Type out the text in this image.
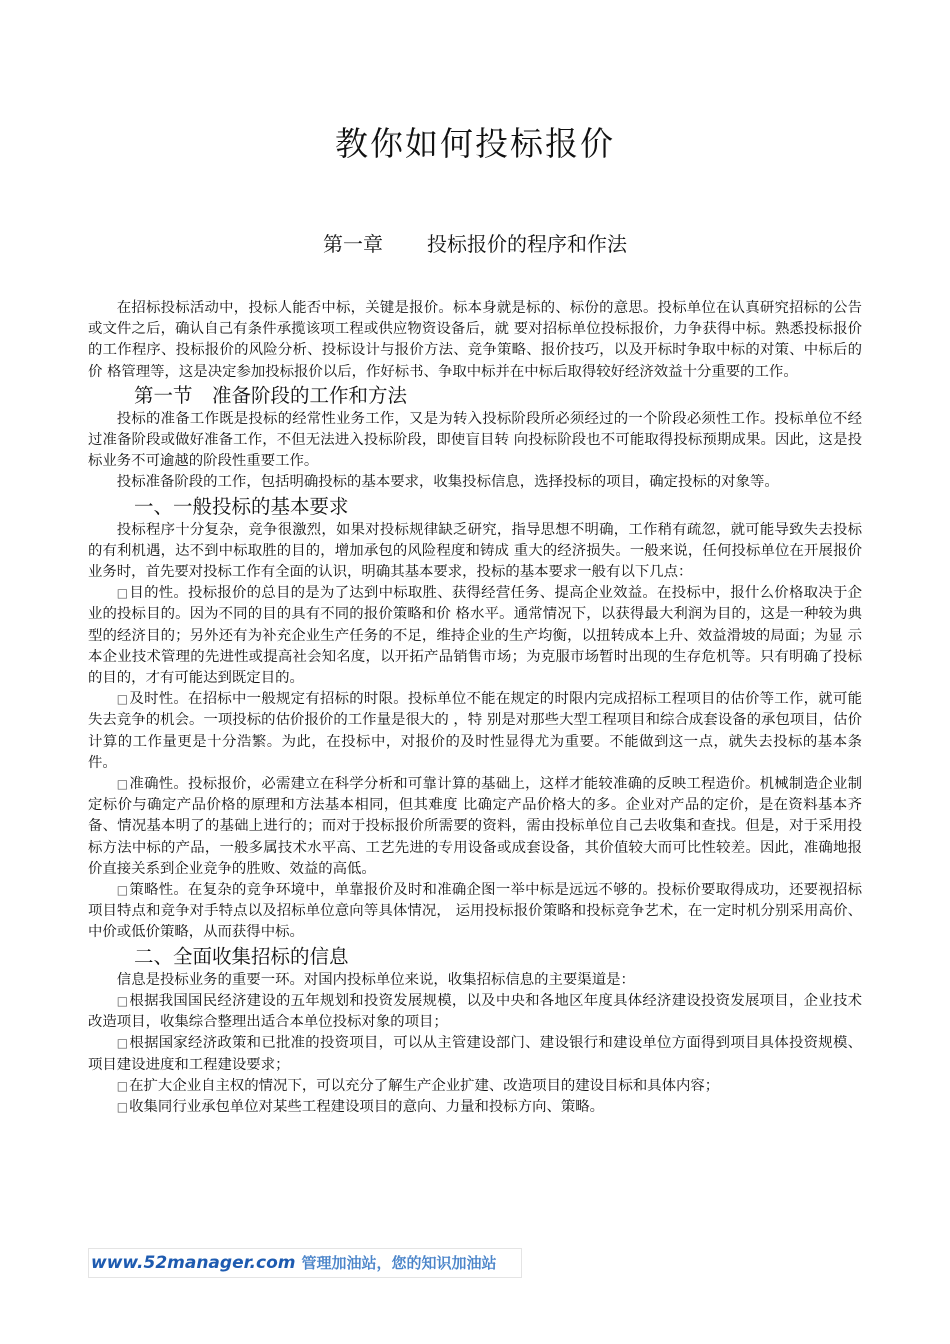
教你如何投标报价
第一章 投标报价的程序和作法

在招标投标活动中，投标人能否中标，关键是报价。标本身就是标的、标份的意思。投标单位在认真研究招标的公告或文件之后，确认自己有条件承揽该项工程或供应物资设备后，就 要对招标单位投标报价，力争获得中标。熟悉投标报价的工作程序、投标报价的风险分析、投标设计与报价方法、竞争策略、报价技巧，以及开标时争取中标的对策、中标后的价 格管理等，这是决定参加投标报价以后，作好标书、争取中标并在中标后取得较好经济效益十分重要的工作。

第一节　准备阶段的工作和方法

投标的准备工作既是投标的经常性业务工作，又是为转入投标阶段所必须经过的一个阶段必须性工作。投标单位不经过准备阶段或做好准备工作，不但无法进入投标阶段，即使盲目转 向投标阶段也不可能取得投标预期成果。因此，这是投标业务不可逾越的阶段性重要工作。

投标准备阶段的工作，包括明确投标的基本要求，收集投标信息，选择投标的项目，确定投标的对象等。

一、一般投标的基本要求

投标程序十分复杂，竞争很激烈，如果对投标规律缺乏研究，指导思想不明确，工作稍有疏忽，就可能导致失去投标的有利机遇，达不到中标取胜的目的，增加承包的风险程度和铸成 重大的经济损失。一般来说，任何投标单位在开展报价业务时，首先要对投标工作有全面的认识，明确其基本要求，投标的基本要求一般有以下几点：

□ 目的性。投标报价的总目的是为了达到中标取胜、获得经营任务、提高企业效益。在投标中，报什么价格取决于企业的投标目的。因为不同的目的具有不同的报价策略和价 格水平。通常情况下，以获得最大利润为目的，这是一种较为典型的经济目的；另外还有为补充企业生产任务的不足，维持企业的生产均衡，以扭转成本上升、效益滑坡的局面；为显 示本企业技术管理的先进性或提高社会知名度，以开拓产品销售市场；为克服市场暂时出现的生存危机等。只有明确了投标的目的，才有可能达到既定目的。

□ 及时性。在招标中一般规定有招标的时限。投标单位不能在规定的时限内完成招标工程项目的估价等工作，就可能失去竞争的机会。一项投标的估价报价的工作量是很大的 ，特 别是对那些大型工程项目和综合成套设备的承包项目，估价计算的工作量更是十分浩繁。为此，在投标中，对报价的及时性显得尤为重要。不能做到这一点，就失去投标的基本条件。

□ 准确性。投标报价，必需建立在科学分析和可靠计算的基础上，这样才能较准确的反映工程造价。机械制造企业制定标价与确定产品价格的原理和方法基本相同，但其难度 比确定产品价格大的多。企业对产品的定价，是在资料基本齐备、情况基本明了的基础上进行的；而对于投标报价所需要的资料，需由投标单位自己去收集和查找。但是，对于采用投 标方法中标的产品，一般多属技术水平高、工艺先进的专用设备或成套设备，其价值较大而可比性较差。因此，准确地报价直接关系到企业竞争的胜败、效益的高低。

□ 策略性。在复杂的竞争环境中，单靠报价及时和准确企图一举中标是远远不够的。投标价要取得成功，还要视招标项目特点和竞争对手特点以及招标单位意向等具体情况， 运用投标报价策略和投标竞争艺术，在一定时机分别采用高价、中价或低价策略，从而获得中标。

二、全面收集招标的信息

信息是投标业务的重要一环。对国内投标单位来说，收集招标信息的主要渠道是：

□ 根据我国国民经济建设的五年规划和投资发展规模，以及中央和各地区年度具体经济建设投资发展项目，企业技术改造项目，收集综合整理出适合本单位投标对象的项目；

□ 根据国家经济政策和已批准的投资项目，可以从主管建设部门、建设银行和建设单位方面得到项目具体投资规模、项目建设进度和工程建设要求；

□ 在扩大企业自主权的情况下，可以充分了解生产企业扩建、改造项目的建设目标和具体内容；

□ 收集同行业承包单位对某些工程建设项目的意向、力量和投标方向、策略。

www.52manager.com 管理加油站，您的知识加油站
